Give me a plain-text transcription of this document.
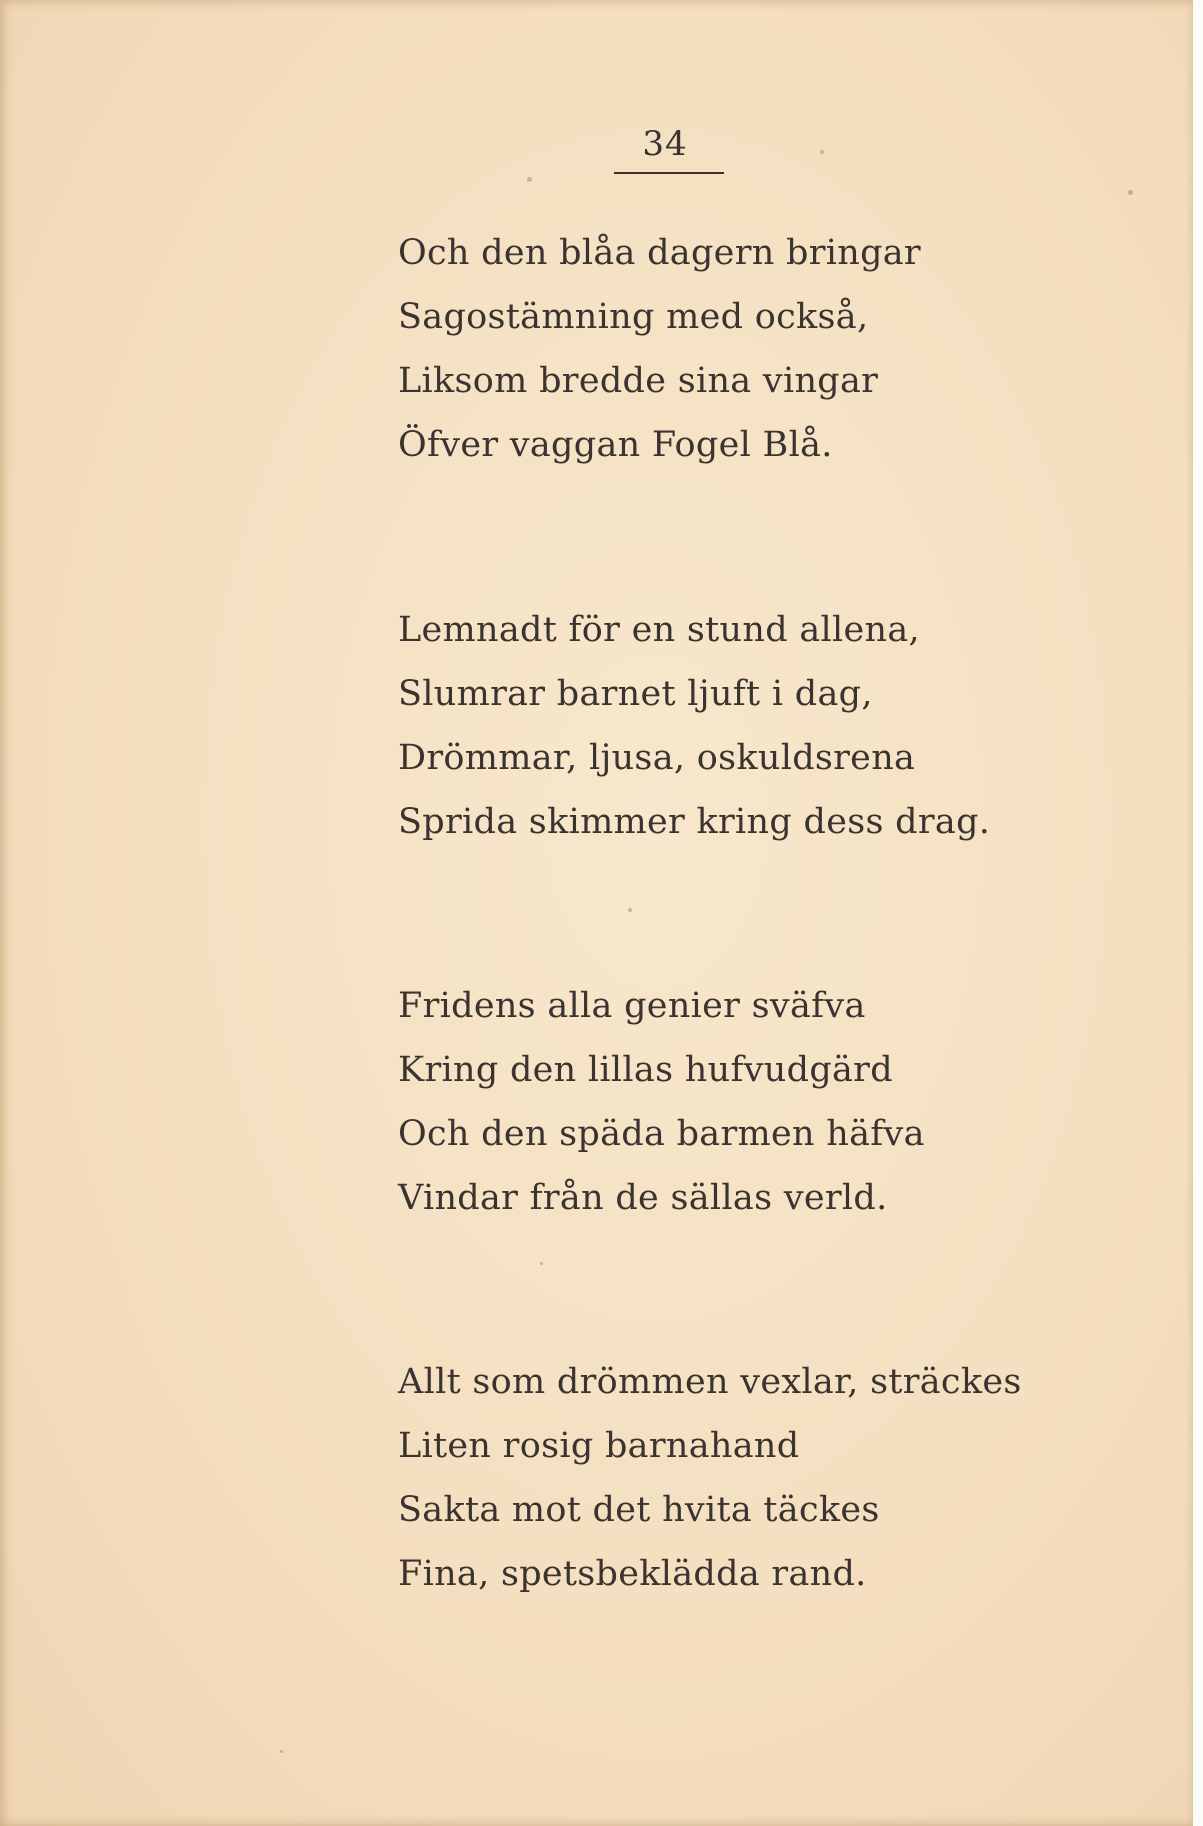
34
Och den blåa dagern bringar
Sagostämning med också,
Liksom bredde sina vingar
Öfver vaggan Fogel Blå.
Lemnadt för en stund allena,
Slumrar barnet ljuft i dag,
Drömmar, ljusa, oskuldsrena
Sprida skimmer kring dess drag.
Fridens alla genier sväfva
Kring den lillas hufvudgärd
Och den späda barmen häfva
Vindar från de sällas verld.
Allt som drömmen vexlar, sträckes
Liten rosig barnahand
Sakta mot det hvita täckes
Fina, spetsbeklädda rand.
